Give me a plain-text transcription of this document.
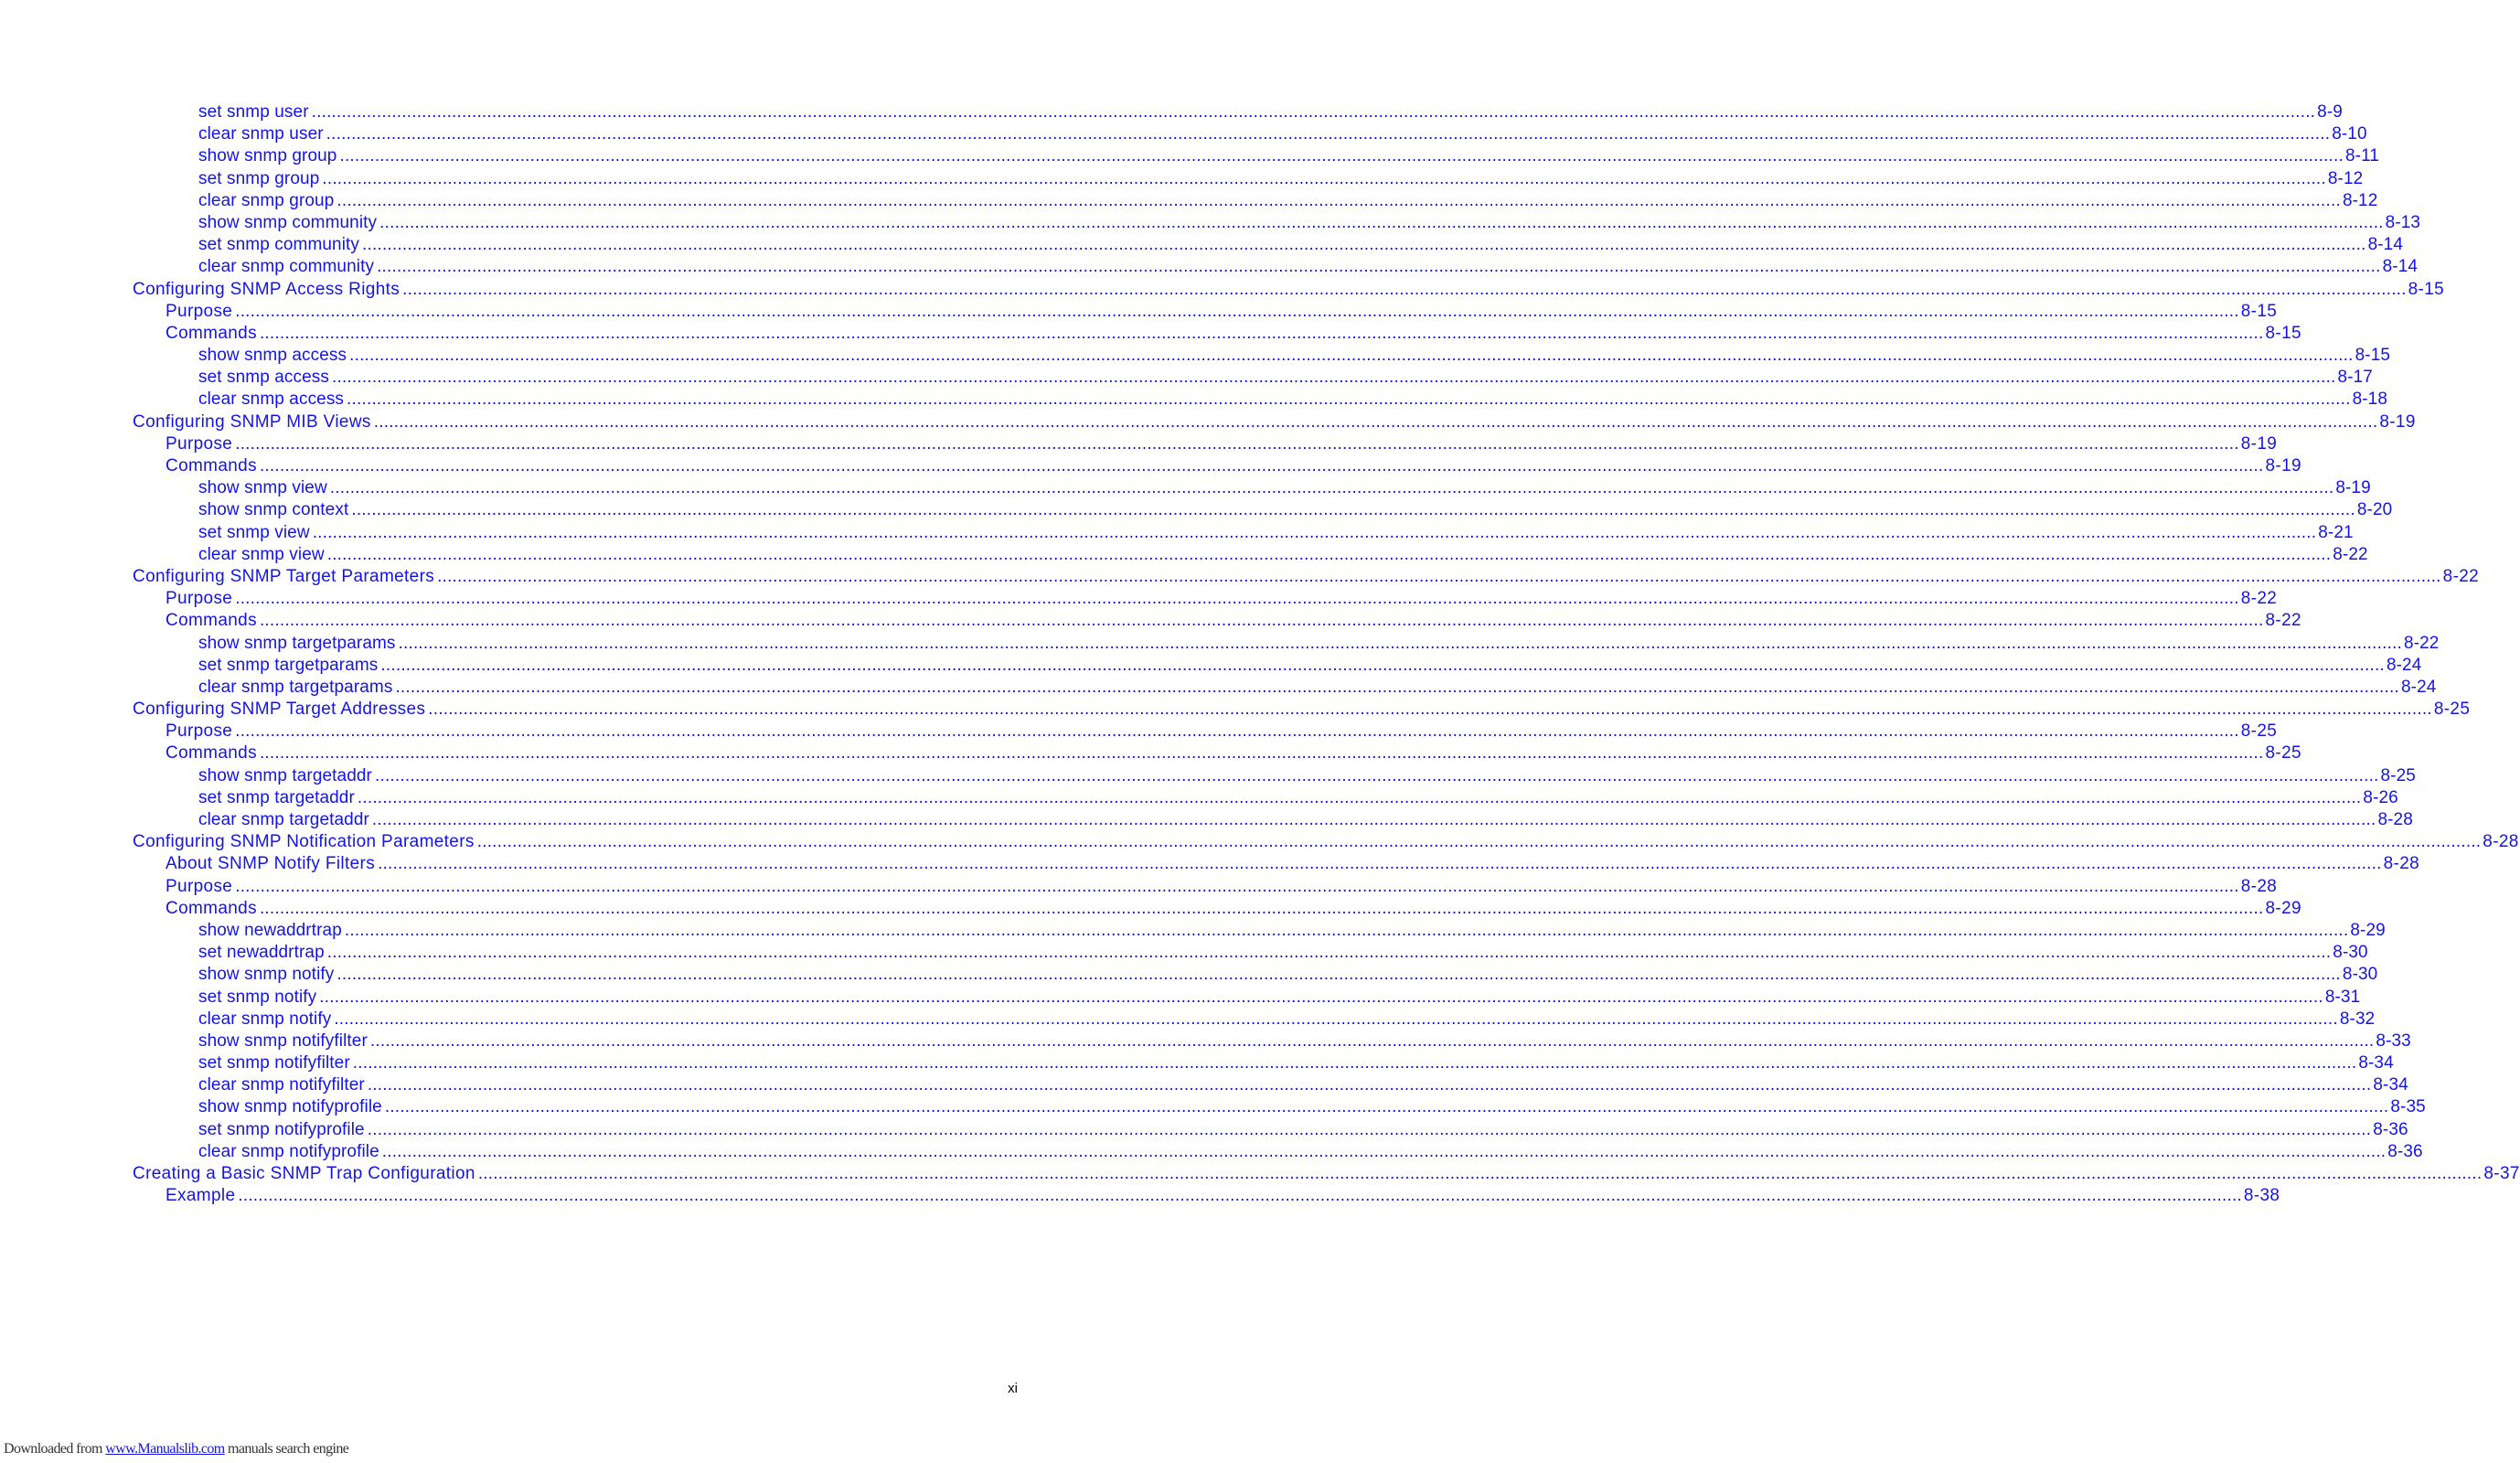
set snmp user ................................................................................................................................................................................................................................................................................................................................................................................................................ 8-9
clear snmp user ................................................................................................................................................................................................................................................................................................................................................................................................................ 8-10
show snmp group ................................................................................................................................................................................................................................................................................................................................................................................................................ 8-11
set snmp group ................................................................................................................................................................................................................................................................................................................................................................................................................ 8-12
clear snmp group ................................................................................................................................................................................................................................................................................................................................................................................................................ 8-12
show snmp community ................................................................................................................................................................................................................................................................................................................................................................................................................ 8-13
set snmp community ................................................................................................................................................................................................................................................................................................................................................................................................................ 8-14
clear snmp community ................................................................................................................................................................................................................................................................................................................................................................................................................ 8-14
Configuring SNMP Access Rights ................................................................................................................................................................................................................................................................................................................................................................................................................ 8-15
Purpose ................................................................................................................................................................................................................................................................................................................................................................................................................ 8-15
Commands ................................................................................................................................................................................................................................................................................................................................................................................................................ 8-15
show snmp access ................................................................................................................................................................................................................................................................................................................................................................................................................ 8-15
set snmp access ................................................................................................................................................................................................................................................................................................................................................................................................................ 8-17
clear snmp access ................................................................................................................................................................................................................................................................................................................................................................................................................ 8-18
Configuring SNMP MIB Views ................................................................................................................................................................................................................................................................................................................................................................................................................ 8-19
Purpose ................................................................................................................................................................................................................................................................................................................................................................................................................ 8-19
Commands ................................................................................................................................................................................................................................................................................................................................................................................................................ 8-19
show snmp view ................................................................................................................................................................................................................................................................................................................................................................................................................ 8-19
show snmp context ................................................................................................................................................................................................................................................................................................................................................................................................................ 8-20
set snmp view ................................................................................................................................................................................................................................................................................................................................................................................................................ 8-21
clear snmp view ................................................................................................................................................................................................................................................................................................................................................................................................................ 8-22
Configuring SNMP Target Parameters ................................................................................................................................................................................................................................................................................................................................................................................................................ 8-22
Purpose ................................................................................................................................................................................................................................................................................................................................................................................................................ 8-22
Commands ................................................................................................................................................................................................................................................................................................................................................................................................................ 8-22
show snmp targetparams ................................................................................................................................................................................................................................................................................................................................................................................................................ 8-22
set snmp targetparams ................................................................................................................................................................................................................................................................................................................................................................................................................ 8-24
clear snmp targetparams ................................................................................................................................................................................................................................................................................................................................................................................................................ 8-24
Configuring SNMP Target Addresses ................................................................................................................................................................................................................................................................................................................................................................................................................ 8-25
Purpose ................................................................................................................................................................................................................................................................................................................................................................................................................ 8-25
Commands ................................................................................................................................................................................................................................................................................................................................................................................................................ 8-25
show snmp targetaddr ................................................................................................................................................................................................................................................................................................................................................................................................................ 8-25
set snmp targetaddr ................................................................................................................................................................................................................................................................................................................................................................................................................ 8-26
clear snmp targetaddr ................................................................................................................................................................................................................................................................................................................................................................................................................ 8-28
Configuring SNMP Notification Parameters ................................................................................................................................................................................................................................................................................................................................................................................................................ 8-28
About SNMP Notify Filters ................................................................................................................................................................................................................................................................................................................................................................................................................ 8-28
Purpose ................................................................................................................................................................................................................................................................................................................................................................................................................ 8-28
Commands ................................................................................................................................................................................................................................................................................................................................................................................................................ 8-29
show newaddrtrap ................................................................................................................................................................................................................................................................................................................................................................................................................ 8-29
set newaddrtrap ................................................................................................................................................................................................................................................................................................................................................................................................................ 8-30
show snmp notify ................................................................................................................................................................................................................................................................................................................................................................................................................ 8-30
set snmp notify ................................................................................................................................................................................................................................................................................................................................................................................................................ 8-31
clear snmp notify ................................................................................................................................................................................................................................................................................................................................................................................................................ 8-32
show snmp notifyfilter ................................................................................................................................................................................................................................................................................................................................................................................................................ 8-33
set snmp notifyfilter ................................................................................................................................................................................................................................................................................................................................................................................................................ 8-34
clear snmp notifyfilter ................................................................................................................................................................................................................................................................................................................................................................................................................ 8-34
show snmp notifyprofile ................................................................................................................................................................................................................................................................................................................................................................................................................ 8-35
set snmp notifyprofile ................................................................................................................................................................................................................................................................................................................................................................................................................ 8-36
clear snmp notifyprofile ................................................................................................................................................................................................................................................................................................................................................................................................................ 8-36
Creating a Basic SNMP Trap Configuration ................................................................................................................................................................................................................................................................................................................................................................................................................ 8-37
Example ................................................................................................................................................................................................................................................................................................................................................................................................................ 8-38
xi
Downloaded from www.Manualslib.com manuals search engine
